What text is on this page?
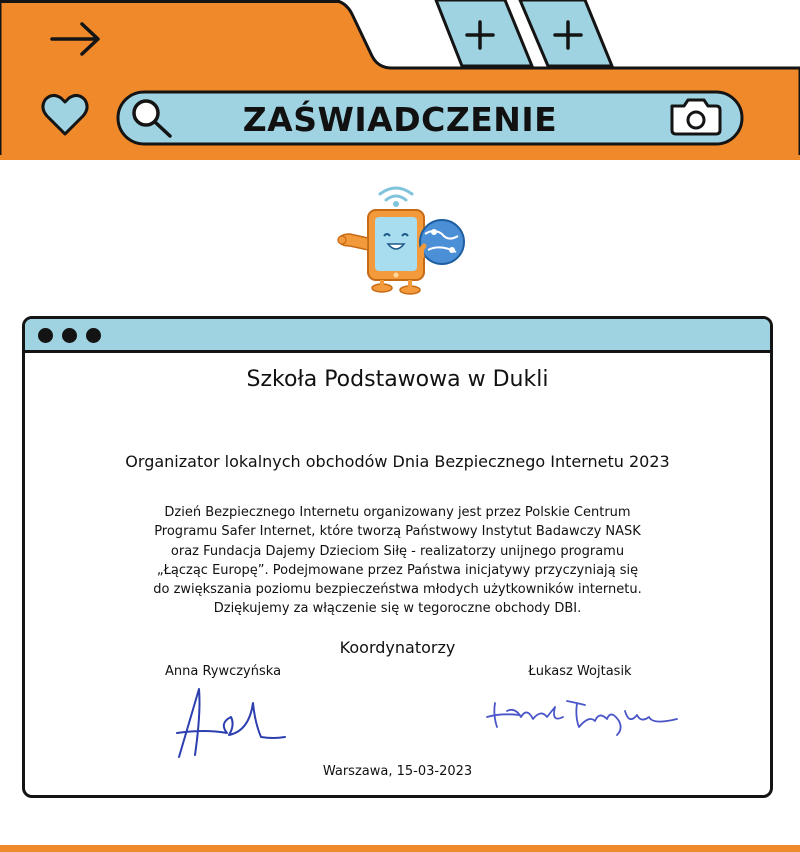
ZAŚWIADCZENIE
Szkoła Podstawowa w Dukli
Organizator lokalnych obchodów Dnia Bezpiecznego Internetu 2023
Dzień Bezpiecznego Internetu organizowany jest przez Polskie Centrum
Programu Safer Internet, które tworzą Państwowy Instytut Badawczy NASK
oraz Fundacja Dajemy Dzieciom Siłę - realizatorzy unijnego programu
„Łącząc Europę”. Podejmowane przez Państwa inicjatywy przyczyniają się
do zwiększania poziomu bezpieczeństwa młodych użytkowników internetu.
Dziękujemy za włączenie się w tegoroczne obchody DBI.
Koordynatorzy
Anna Rywczyńska	Łukasz Wojtasik
Warszawa, 15-03-2023
